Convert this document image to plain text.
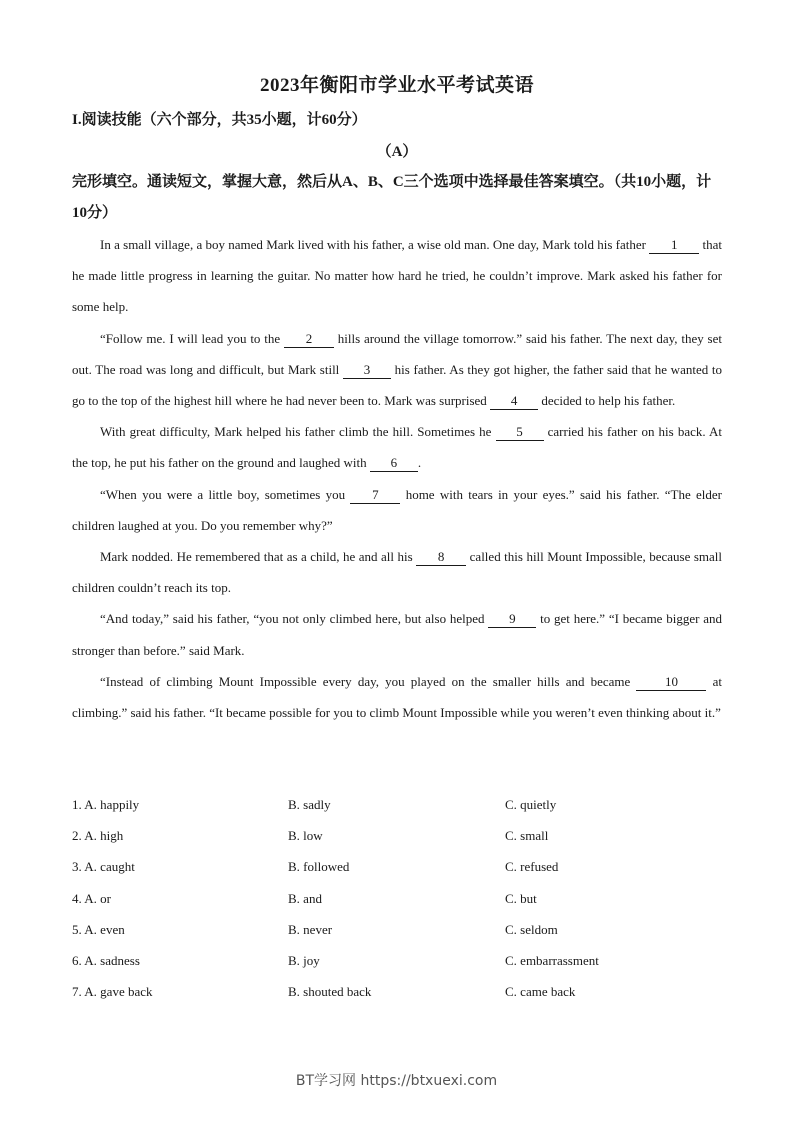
2023年衡阳市学业水平考试英语
I.阅读技能（六个部分，共35小题，计60分）
（A）
完形填空。通读短文，掌握大意，然后从A、B、C三个选项中选择最佳答案填空。（共10小题，计10分）

In a small village, a boy named Mark lived with his father, a wise old man. One day, Mark told his father 1 that he made little progress in learning the guitar. No matter how hard he tried, he couldn’t improve. Mark asked his father for some help.

“Follow me. I will lead you to the 2 hills around the village tomorrow.” said his father. The next day, they set out. The road was long and difficult, but Mark still 3 his father. As they got higher, the father said that he wanted to go to the top of the highest hill where he had never been to. Mark was surprised 4 decided to help his father.

With great difficulty, Mark helped his father climb the hill. Sometimes he 5 carried his father on his back. At the top, he put his father on the ground and laughed with 6 .

“When you were a little boy, sometimes you 7 home with tears in your eyes.” said his father. “The elder children laughed at you. Do you remember why?”

Mark nodded. He remembered that as a child, he and all his 8 called this hill Mount Impossible, because small children couldn’t reach its top.

“And today,” said his father, “you not only climbed here, but also helped 9 to get here.” “I became bigger and stronger than before.” said Mark.

“Instead of climbing Mount Impossible every day, you played on the smaller hills and became 10 at climbing.” said his father. “It became possible for you to climb Mount Impossible while you weren’t even thinking about it.”

1. A. happily	B. sadly	C. quietly
2. A. high	B. low	C. small
3. A. caught	B. followed	C. refused
4. A. or	B. and	C. but
5. A. even	B. never	C. seldom
6. A. sadness	B. joy	C. embarrassment
7. A. gave back	B. shouted back	C. came back
BT学习网 https://btxuexi.com
